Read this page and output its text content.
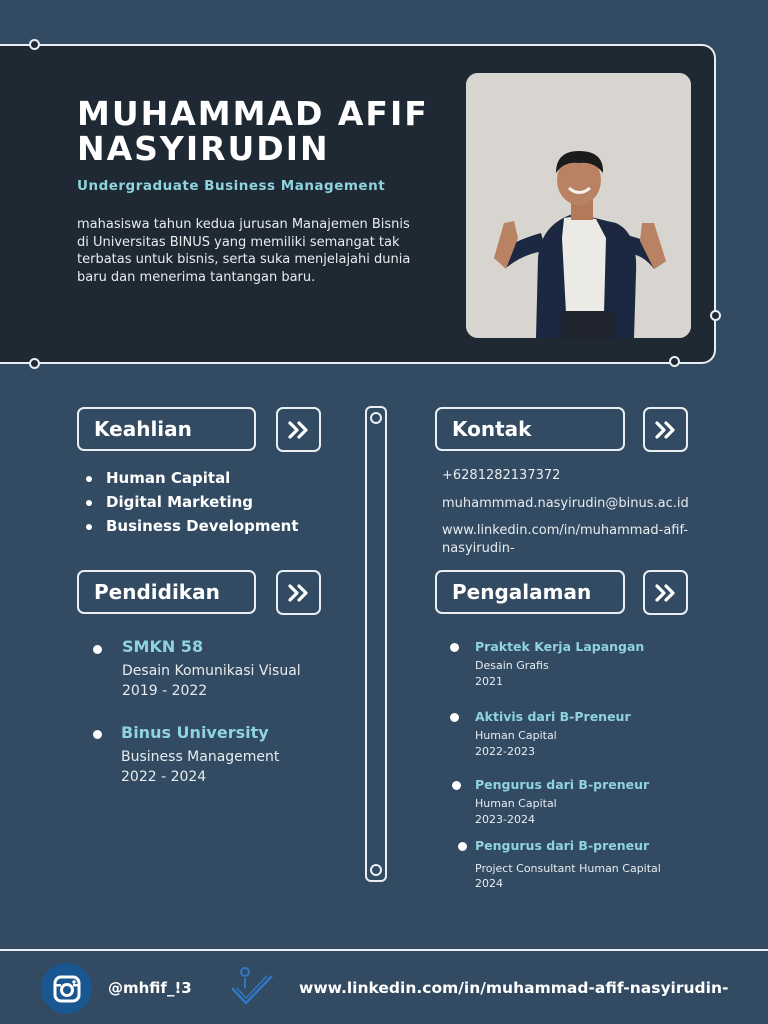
MUHAMMAD AFIF
NASYIRUDIN
Undergraduate Business Management

mahasiswa tahun kedua jurusan Manajemen Bisnis di Universitas BINUS yang memiliki semangat tak terbatas untuk bisnis, serta suka menjelajahi dunia baru dan menerima tantangan baru.

Keahlian
Human Capital
Digital Marketing
Business Development
Pendidikan
SMKN 58
Desain Komunikasi Visual
2019 - 2022
Binus University
Business Management
2022 - 2024
Kontak
+6281282137372
muhammmad.nasyirudin@binus.ac.id
www.linkedin.com/in/muhammad-afif-
nasyirudin-
Pengalaman
Praktek Kerja Lapangan
Desain Grafis
2021
Aktivis dari B-Preneur
Human Capital
2022-2023
Pengurus dari B-preneur
Human Capital
2023-2024
Pengurus dari B-preneur
Project Consultant Human Capital
2024
@mhfif_!3	www.linkedin.com/in/muhammad-afif-nasyirudin-
